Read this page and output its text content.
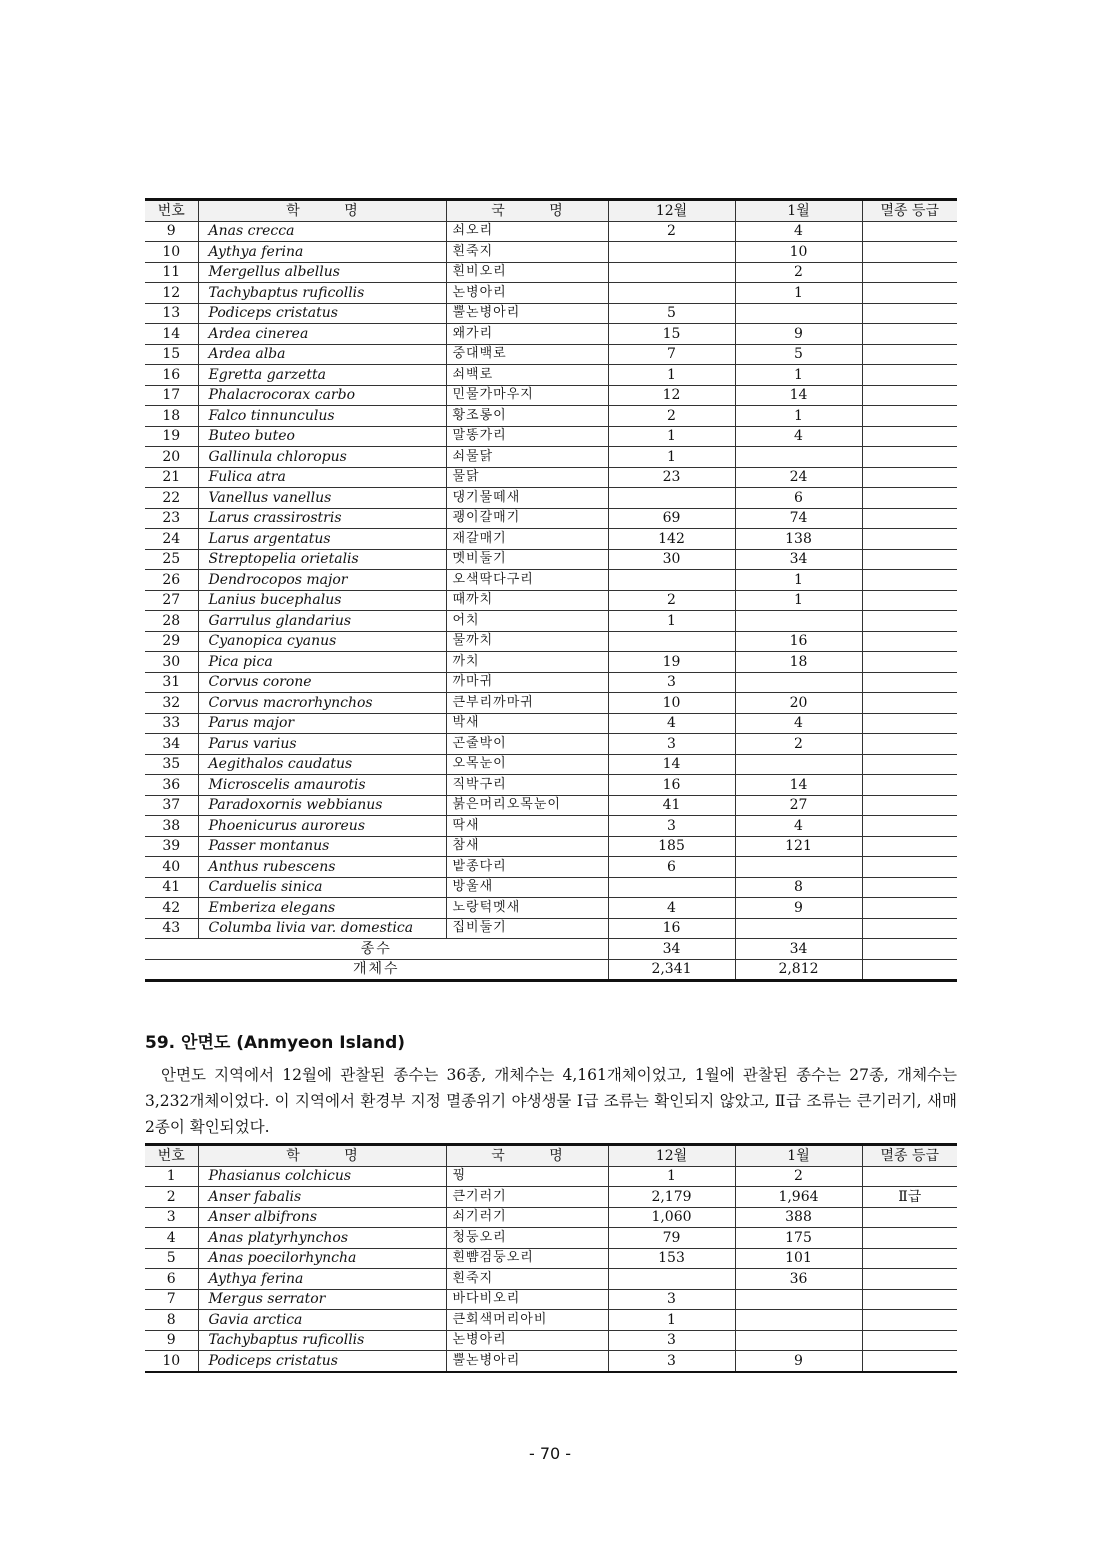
번호	학          명	국          명	12월	1월	멸종 등급
9	Anas crecca	쇠오리	2	4	
10	Aythya ferina	흰죽지		10	
11	Mergellus albellus	흰비오리		2	
12	Tachybaptus ruficollis	논병아리		1	
13	Podiceps cristatus	뿔논병아리	5		
14	Ardea cinerea	왜가리	15	9	
15	Ardea alba	중대백로	7	5	
16	Egretta garzetta	쇠백로	1	1	
17	Phalacrocorax carbo	민물가마우지	12	14	
18	Falco tinnunculus	황조롱이	2	1	
19	Buteo buteo	말똥가리	1	4	
20	Gallinula chloropus	쇠물닭	1		
21	Fulica atra	물닭	23	24	
22	Vanellus vanellus	댕기물떼새		6	
23	Larus crassirostris	괭이갈매기	69	74	
24	Larus argentatus	재갈매기	142	138	
25	Streptopelia orietalis	멧비둘기	30	34	
26	Dendrocopos major	오색딱다구리		1	
27	Lanius bucephalus	때까치	2	1	
28	Garrulus glandarius	어치	1		
29	Cyanopica cyanus	물까치		16	
30	Pica pica	까치	19	18	
31	Corvus corone	까마귀	3		
32	Corvus macrorhynchos	큰부리까마귀	10	20	
33	Parus major	박새	4	4	
34	Parus varius	곤줄박이	3	2	
35	Aegithalos caudatus	오목눈이	14		
36	Microscelis amaurotis	직박구리	16	14	
37	Paradoxornis webbianus	붉은머리오목눈이	41	27	
38	Phoenicurus auroreus	딱새	3	4	
39	Passer montanus	참새	185	121	
40	Anthus rubescens	밭종다리	6		
41	Carduelis sinica	방울새		8	
42	Emberiza elegans	노랑턱멧새	4	9	
43	Columba livia var. domestica	집비둘기	16		
종수			34	34	
개체수			2,341	2,812	
59. 안면도 (Anmyeon Island)

안면도 지역에서 12월에 관찰된 종수는 36종, 개체수는 4,161개체이었고, 1월에 관찰된 종수는 27종, 개체수는 3,232개체이었다. 이 지역에서 환경부 지정 멸종위기 야생생물 Ⅰ급 조류는 확인되지 않았고, Ⅱ급 조류는 큰기러기, 새매 2종이 확인되었다.

번호	학          명	국          명	12월	1월	멸종 등급
1	Phasianus colchicus	꿩	1	2	
2	Anser fabalis	큰기러기	2,179	1,964	Ⅱ급
3	Anser albifrons	쇠기러기	1,060	388	
4	Anas platyrhynchos	청둥오리	79	175	
5	Anas poecilorhyncha	흰뺨검둥오리	153	101	
6	Aythya ferina	흰죽지		36	
7	Mergus serrator	바다비오리	3		
8	Gavia arctica	큰회색머리아비	1		
9	Tachybaptus ruficollis	논병아리	3		
10	Podiceps cristatus	뿔논병아리	3	9	
- 70 -
